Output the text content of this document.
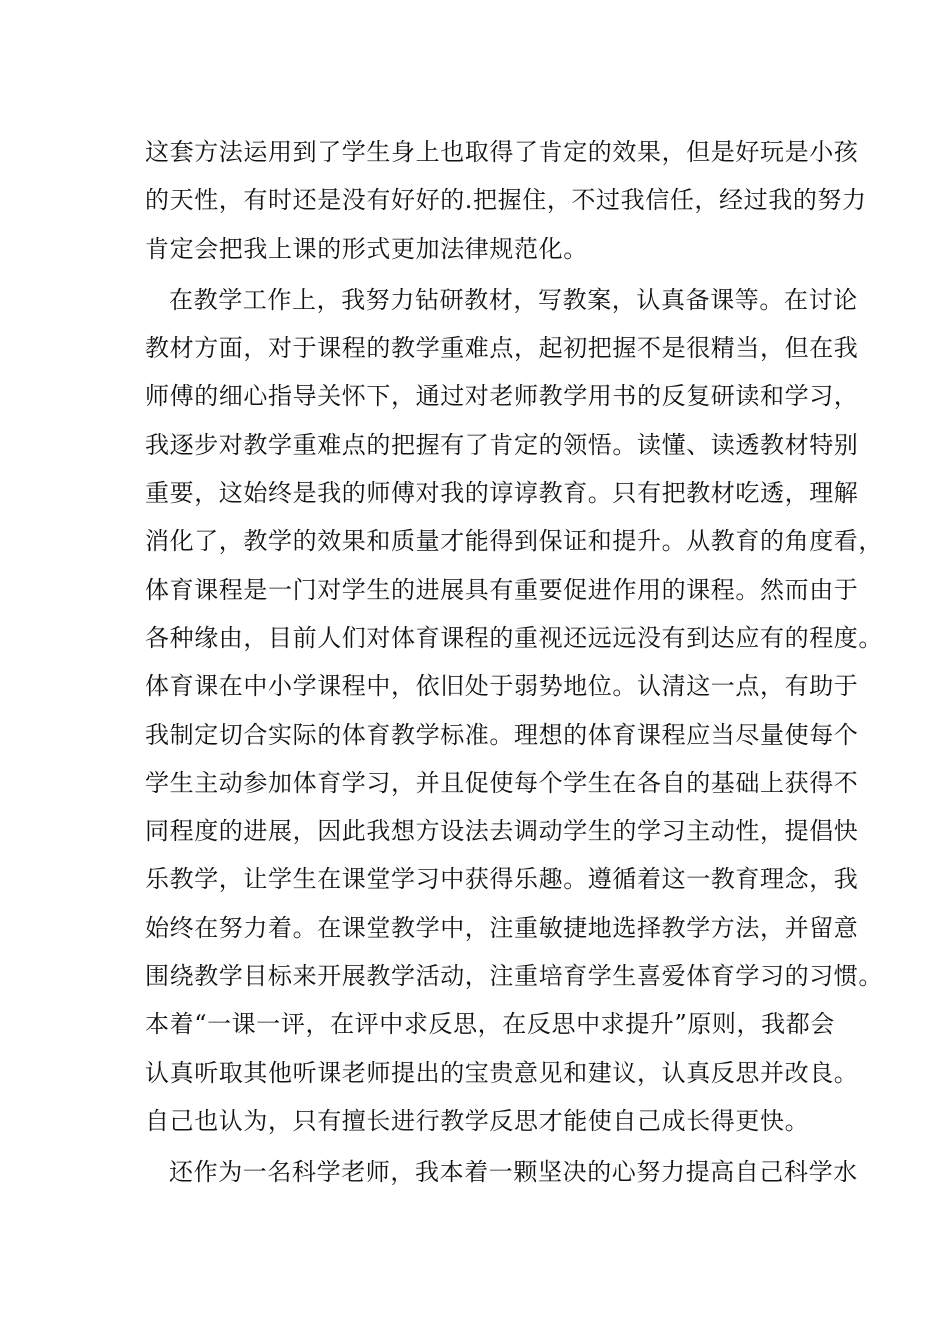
这套方法运用到了学生身上也取得了肯定的效果，但是好玩是小孩
的天性，有时还是没有好好的.把握住，不过我信任，经过我的努力
肯定会把我上课的形式更加法律规范化。
在教学工作上，我努力钻研教材，写教案，认真备课等。在讨论
教材方面，对于课程的教学重难点，起初把握不是很精当，但在我
师傅的细心指导关怀下，通过对老师教学用书的反复研读和学习，
我逐步对教学重难点的把握有了肯定的领悟。读懂、读透教材特别
重要，这始终是我的师傅对我的谆谆教育。只有把教材吃透，理解
消化了，教学的效果和质量才能得到保证和提升。从教育的角度看，
体育课程是一门对学生的进展具有重要促进作用的课程。然而由于
各种缘由，目前人们对体育课程的重视还远远没有到达应有的程度。
体育课在中小学课程中，依旧处于弱势地位。认清这一点，有助于
我制定切合实际的体育教学标准。理想的体育课程应当尽量使每个
学生主动参加体育学习，并且促使每个学生在各自的基础上获得不
同程度的进展，因此我想方设法去调动学生的学习主动性，提倡快
乐教学，让学生在课堂学习中获得乐趣。遵循着这一教育理念，我
始终在努力着。在课堂教学中，注重敏捷地选择教学方法，并留意
围绕教学目标来开展教学活动，注重培育学生喜爱体育学习的习惯。
本着“一课一评，在评中求反思，在反思中求提升”原则，我都会
认真听取其他听课老师提出的宝贵意见和建议，认真反思并改良。
自己也认为，只有擅长进行教学反思才能使自己成长得更快。
还作为一名科学老师，我本着一颗坚决的心努力提高自己科学水
